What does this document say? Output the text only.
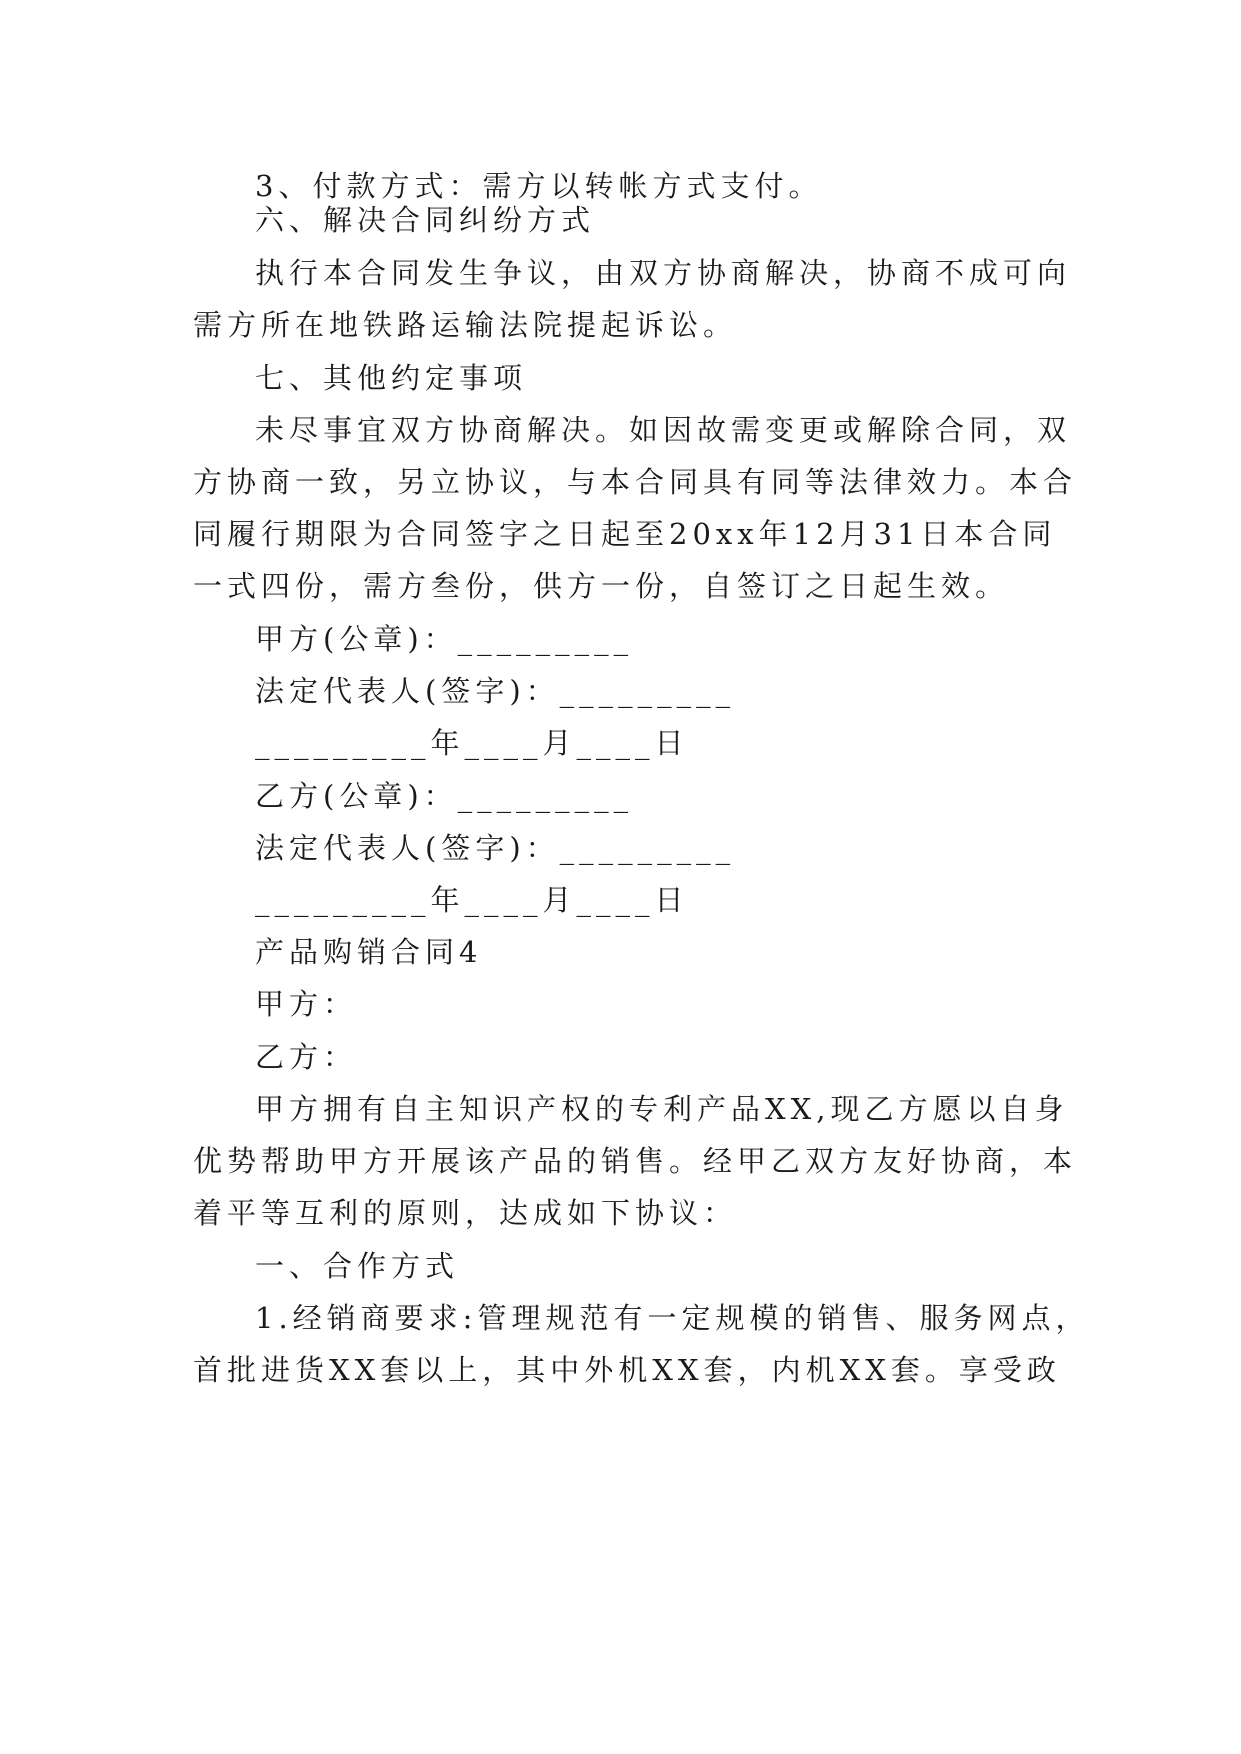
3、付款方式：需方以转帐方式支付。
六、解决合同纠纷方式
执行本合同发生争议，由双方协商解决，协商不成可向
需方所在地铁路运输法院提起诉讼。
七、其他约定事项
未尽事宜双方协商解决。如因故需变更或解除合同，双
方协商一致，另立协议，与本合同具有同等法律效力。本合
同履行期限为合同签字之日起至20xx年12月31日本合同
一式四份，需方叁份，供方一份，自签订之日起生效。
甲方(公章)：_________
法定代表人(签字)：_________
_________年____月____日
乙方(公章)：_________
法定代表人(签字)：_________
_________年____月____日
产品购销合同4
甲方：
乙方：
甲方拥有自主知识产权的专利产品XX,现乙方愿以自身
优势帮助甲方开展该产品的销售。经甲乙双方友好协商，本
着平等互利的原则，达成如下协议：
一、合作方式
1.经销商要求:管理规范有一定规模的销售、服务网点，
首批进货XX套以上，其中外机XX套，内机XX套。享受政
